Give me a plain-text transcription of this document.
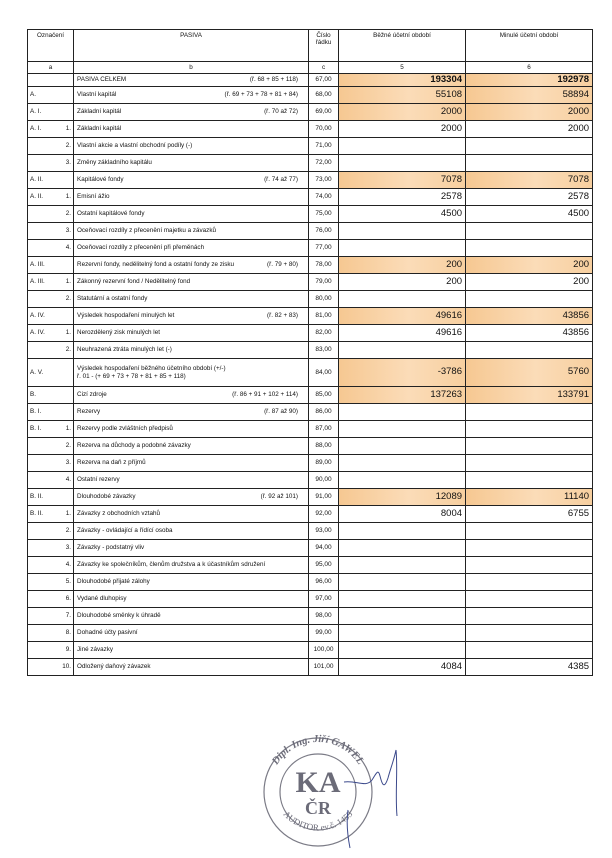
Označení		PASIVA	Číslo řádku	Běžné účetní období	Minulé účetní období
a		b	c	5	6

		PASIVA CELKEM (ř. 68 + 85 + 118)	67,00	193304	192978
A.		Vlastní kapitál (ř. 69 + 73 + 78 + 81 + 84)	68,00	55108	58894
A. I.		Základní kapitál (ř. 70 až 72)	69,00	2000	2000
A. I.	1.	Základní kapitál	70,00	2000	2000
	2.	Vlastní akcie a vlastní obchodní podíly (-)	71,00		
	3.	Změny základního kapitálu	72,00		
A. II.		Kapitálové fondy (ř. 74 až 77)	73,00	7078	7078
A. II.	1.	Emisní ážio	74,00	2578	2578
	2.	Ostatní kapitálové fondy	75,00	4500	4500
	3.	Oceňovací rozdíly z přecenění majetku a závazků	76,00		
	4.	Oceňovací rozdíly z přecenění při přeměnách	77,00		
A. III.		Rezervní fondy, nedělitelný fond a ostatní fondy ze zisku (ř. 79 + 80)	78,00	200	200
A. III.	1.	Zákonný rezervní fond / Nedělitelný fond	79,00	200	200
	2.	Statutární a ostatní fondy	80,00		
A. IV.		Výsledek hospodaření minulých let (ř. 82 + 83)	81,00	49616	43856
A. IV.	1.	Nerozdělený zisk minulých let	82,00	49616	43856
	2.	Neuhrazená ztráta minulých let (-)	83,00		
A. V.		Výsledek hospodaření běžného účetního období (+/-)
ř. 01 - (+ 69 + 73 + 78 + 81 + 85 + 118)	84,00	-3786	5760
B.		Cizí zdroje (ř. 86 + 91 + 102 + 114)	85,00	137263	133791
B. I.		Rezervy (ř. 87 až 90)	86,00		
B. I.	1.	Rezervy podle zvláštních předpisů	87,00		
	2.	Rezerva na důchody a podobné závazky	88,00		
	3.	Rezerva na daň z příjmů	89,00		
	4.	Ostatní rezervy	90,00		
B. II.		Dlouhodobé závazky (ř. 92 až 101)	91,00	12089	11140
B. II.	1.	Závazky z obchodních vztahů	92,00	8004	6755
	2.	Závazky - ovládající a řídící osoba	93,00		
	3.	Závazky - podstatný vliv	94,00		
	4.	Závazky ke společníkům, členům družstva a k účastníkům sdružení	95,00		
	5.	Dlouhodobé přijaté zálohy	96,00		
	6.	Vydané dluhopisy	97,00		
	7.	Dlouhodobé směnky k úhradě	98,00		
	8.	Dohadné účty pasivní	99,00		
	9.	Jiné závazky	100,00		
	10.	Odložený daňový závazek	101,00	4084	4385
Dipl. Ing. Jiří GAWEL
KA
ČR
AUDITOR ev.č. 1453
